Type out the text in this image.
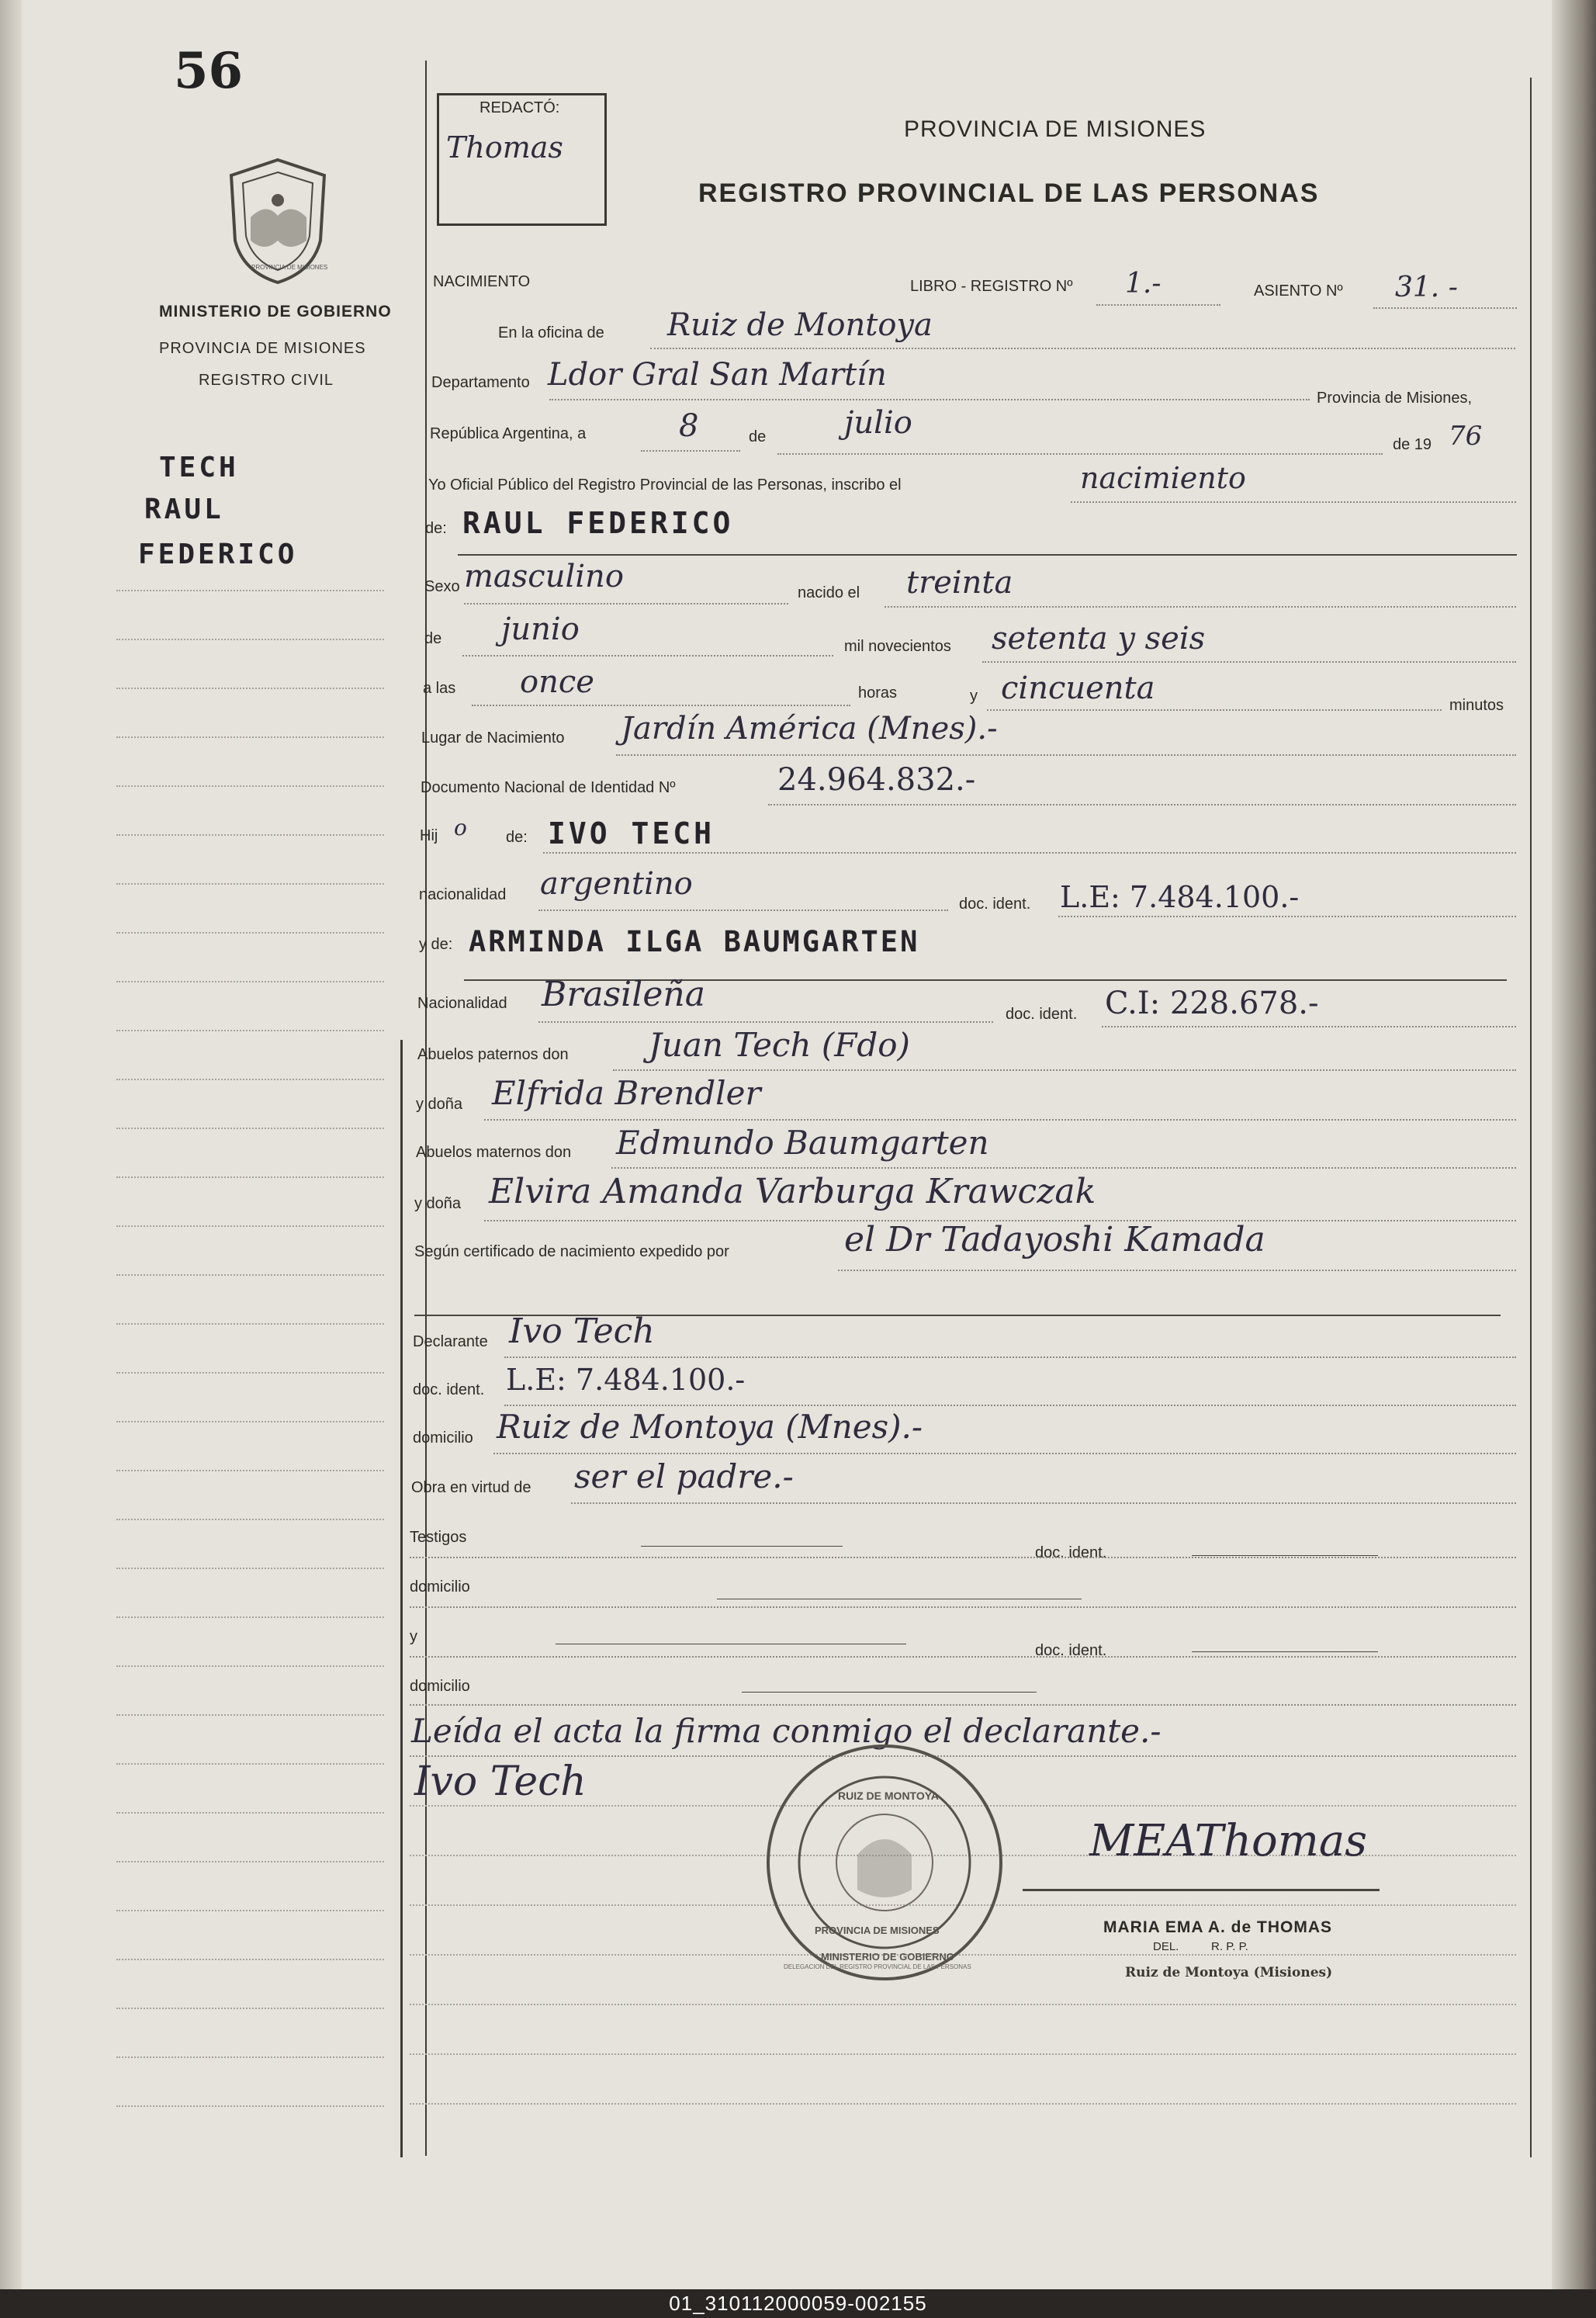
56
PROVINCIA DE MISIONES
MINISTERIO DE GOBIERNO
PROVINCIA DE MISIONES
REGISTRO CIVIL
TECH
RAUL
FEDERICO
REDACTÓ:
Thomas
PROVINCIA DE MISIONES
REGISTRO PROVINCIAL DE LAS PERSONAS
NACIMIENTO	LIBRO - REGISTRO Nº 1.-	ASIENTO Nº 31. -
En la oficina de Ruiz de Montoya
Departamento Ldor Gral San Martín
Provincia de Misiones,
República Argentina, a	8	de	julio
de 19 76
Yo Oficial Público del Registro Provincial de las Personas, inscribo el	nacimiento
de: RAUL FEDERICO
Sexo masculino	nacido el treinta
de junio	mil novecientos setenta y seis
a las once	horas	y cincuenta	minutos
Lugar de Nacimiento Jardín América (Mnes).-
Documento Nacional de Identidad Nº	24.964.832.-
Hij o	de: IVO TECH
nacionalidad argentino
doc. ident. L.E: 7.484.100.-
y de: ARMINDA ILGA BAUMGARTEN
Nacionalidad Brasileña	doc. ident. C.I: 228.678.-
Abuelos paternos don Juan Tech (Fdo)
y doña Elfrida Brendler
Abuelos maternos don Edmundo Baumgarten
y doña Elvira Amanda Varburga Krawczak
Según certificado de nacimiento expedido por	el Dr Tadayoshi Kamada
Declarante Ivo Tech
doc. ident. L.E: 7.484.100.-
domicilio Ruiz de Montoya (Mnes).-
Obra en virtud de ser el padre.-
Testigos
doc. ident.
domicilio
y
doc. ident.
domicilio
Leída el acta la firma conmigo el declarante.-
Ivo Tech
DELEGACION DEL REGISTRO PROVINCIAL DE LAS PERSONAS
RUIZ DE MONTOYA
PROVINCIA DE MISIONES
MINISTERIO DE GOBIERNO
MEAThomas
MARIA EMA A. de THOMAS
DEL.          R. P. P.
Ruiz de Montoya (Misiones)
01_310112000059-002155
